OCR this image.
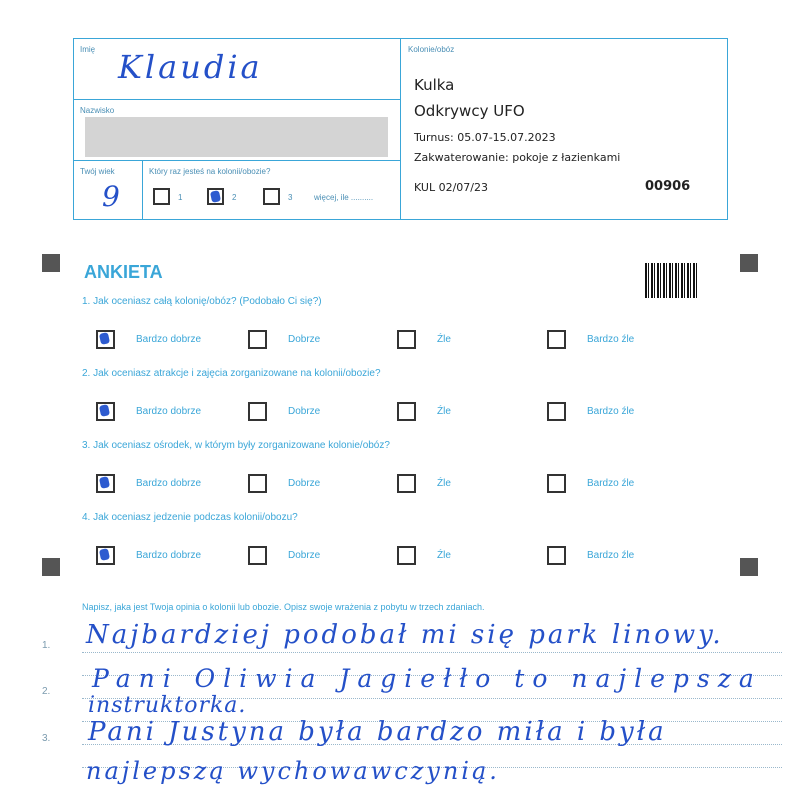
Imię Klaudia
Nazwisko
Twój wiek
9
Który raz jesteś na kolonii/obozie?
1	2	3	więcej, ile ..........
Kolonie/obóz
Kulka
Odkrywcy UFO
Turnus: 05.07-15.07.2023
Zakwaterowanie: pokoje z łazienkami
KUL 02/07/23	00906
ANKIETA
1. Jak oceniasz całą kolonię/obóz? (Podobało Ci się?)
Bardzo dobrze	Dobrze	Źle	Bardzo źle
2. Jak oceniasz atrakcje i zajęcia zorganizowane na kolonii/obozie?
Bardzo dobrze	Dobrze	Źle	Bardzo źle
3. Jak oceniasz ośrodek, w którym były zorganizowane kolonie/obóz?
Bardzo dobrze	Dobrze	Źle	Bardzo źle
4. Jak oceniasz jedzenie podczas kolonii/obozu?
Bardzo dobrze	Dobrze	Źle	Bardzo źle
Napisz, jaka jest Twoja opinia o kolonii lub obozie. Opisz swoje wrażenia z pobytu w trzech zdaniach.
1.
2.
3.
Najbardziej podobał mi się park linowy.
Pani Oliwia Jagiełło to najlepsza
instruktorka.
Pani Justyna była bardzo miła i była
najlepszą wychowawczynią.
